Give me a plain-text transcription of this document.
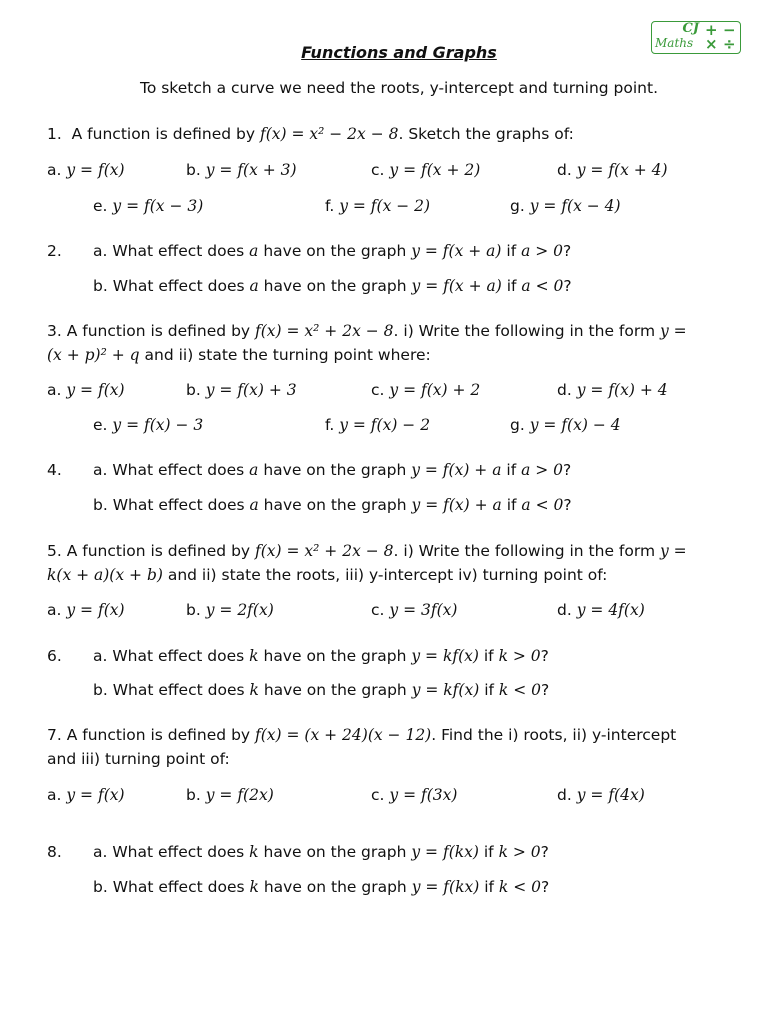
CJ
Maths
+ −
× ÷
Functions and Graphs
To sketch a curve we need the roots, y-intercept and turning point.
1. A function is defined by f(x) = x² − 2x − 8. Sketch the graphs of:
a. y = f(x)	b. y = f(x + 3)	c. y = f(x + 2)	d. y = f(x + 4)
e. y = f(x − 3)	f. y = f(x − 2)	g. y = f(x − 4)
2. a. What effect does a have on the graph y = f(x + a) if a > 0?
b. What effect does a have on the graph y = f(x + a) if a < 0?
3. A function is defined by f(x) = x² + 2x − 8. i) Write the following in the form y =
(x + p)² + q and ii) state the turning point where:
a. y = f(x)	b. y = f(x) + 3	c. y = f(x) + 2	d. y = f(x) + 4
e. y = f(x) − 3	f. y = f(x) − 2	g. y = f(x) − 4
4. a. What effect does a have on the graph y = f(x) + a if a > 0?
b. What effect does a have on the graph y = f(x) + a if a < 0?
5. A function is defined by f(x) = x² + 2x − 8. i) Write the following in the form y =
k(x + a)(x + b) and ii) state the roots, iii) y-intercept iv) turning point of:
a. y = f(x)	b. y = 2f(x)	c. y = 3f(x)	d. y = 4f(x)
6. a. What effect does k have on the graph y = kf(x) if k > 0?
b. What effect does k have on the graph y = kf(x) if k < 0?
7. A function is defined by f(x) = (x + 24)(x − 12). Find the i) roots, ii) y-intercept
and iii) turning point of:
a. y = f(x)	b. y = f(2x)	c. y = f(3x)	d. y = f(4x)
8. a. What effect does k have on the graph y = f(kx) if k > 0?
b. What effect does k have on the graph y = f(kx) if k < 0?
